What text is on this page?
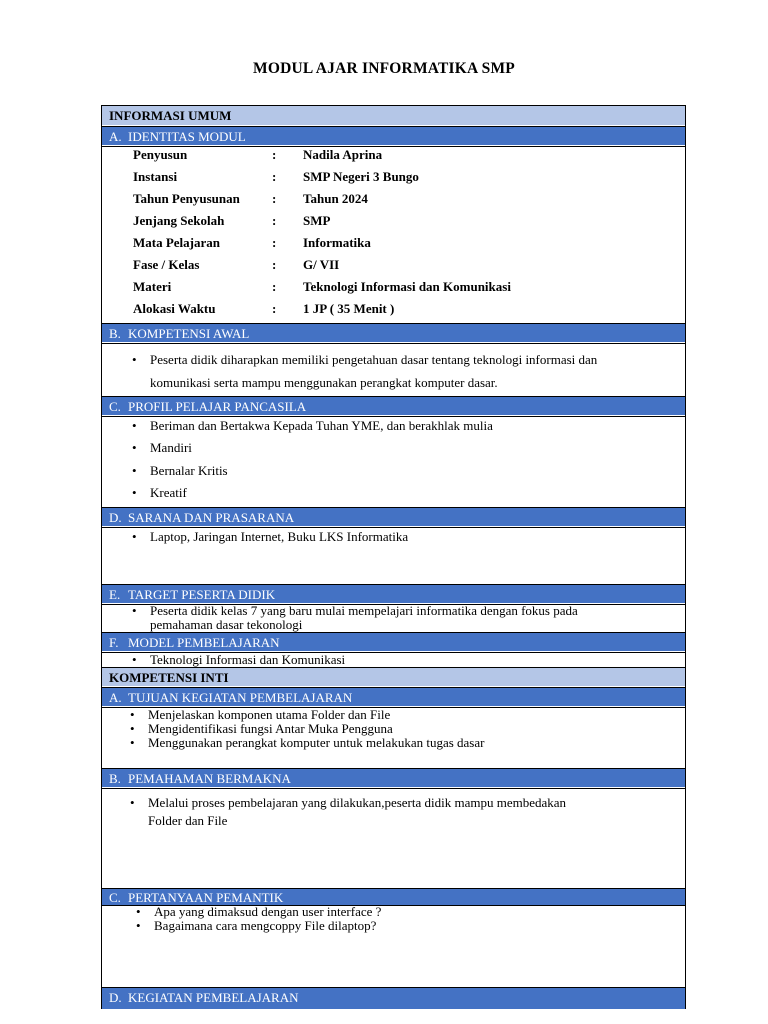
MODUL AJAR INFORMATIKA SMP
INFORMASI UMUM
A. IDENTITAS MODUL
Penyusun	: Nadila Aprina
Instansi	: SMP Negeri 3 Bungo
Tahun Penyusunan : Tahun 2024
Jenjang Sekolah	: SMP
Mata Pelajaran	: Informatika
Fase / Kelas	: G/ VII
Materi	: Teknologi Informasi dan Komunikasi
Alokasi Waktu	: 1 JP ( 35 Menit )
B. KOMPETENSI AWAL
• Peserta didik diharapkan memiliki pengetahuan dasar tentang teknologi informasi dan
komunikasi serta mampu menggunakan perangkat komputer dasar.
C. PROFIL PELAJAR PANCASILA
• Beriman dan Bertakwa Kepada Tuhan YME, dan berakhlak mulia
• Mandiri
• Bernalar Kritis
• Kreatif
D. SARANA DAN PRASARANA
• Laptop, Jaringan Internet, Buku LKS Informatika
E. TARGET PESERTA DIDIK
• Peserta didik kelas 7 yang baru mulai mempelajari informatika dengan fokus pada
pemahaman dasar tekonologi
F. MODEL PEMBELAJARAN
• Teknologi Informasi dan Komunikasi
KOMPETENSI INTI
A. TUJUAN KEGIATAN PEMBELAJARAN
• Menjelaskan komponen utama Folder dan File
• Mengidentifikasi fungsi Antar Muka Pengguna
• Menggunakan perangkat komputer untuk melakukan tugas dasar
B. PEMAHAMAN BERMAKNA
• Melalui proses pembelajaran yang dilakukan,peserta didik mampu membedakan
Folder dan File
C. PERTANYAAN PEMANTIK
• Apa yang dimaksud dengan user interface ?
• Bagaimana cara mengcoppy File dilaptop?
D. KEGIATAN PEMBELAJARAN
